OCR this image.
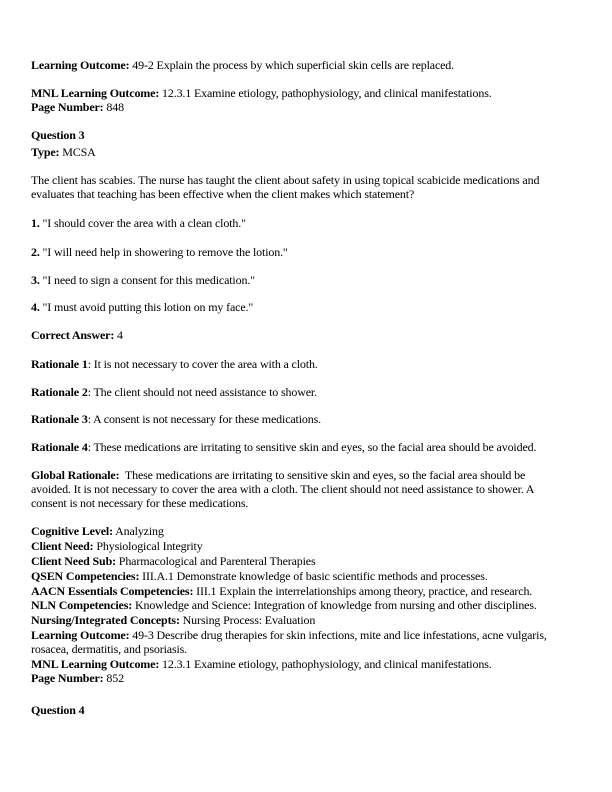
Learning Outcome: 49-2 Explain the process by which superficial skin cells are replaced.
MNL Learning Outcome: 12.3.1 Examine etiology, pathophysiology, and clinical manifestations.
Page Number: 848
Question 3
Type: MCSA
The client has scabies. The nurse has taught the client about safety in using topical scabicide medications and
evaluates that teaching has been effective when the client makes which statement?
1. "I should cover the area with a clean cloth."
2. "I will need help in showering to remove the lotion."
3. "I need to sign a consent for this medication."
4. "I must avoid putting this lotion on my face."
Correct Answer: 4
Rationale 1: It is not necessary to cover the area with a cloth.
Rationale 2: The client should not need assistance to shower.
Rationale 3: A consent is not necessary for these medications.
Rationale 4: These medications are irritating to sensitive skin and eyes, so the facial area should be avoided.
Global Rationale:  These medications are irritating to sensitive skin and eyes, so the facial area should be
avoided. It is not necessary to cover the area with a cloth. The client should not need assistance to shower. A
consent is not necessary for these medications.
Cognitive Level: Analyzing
Client Need: Physiological Integrity
Client Need Sub: Pharmacological and Parenteral Therapies
QSEN Competencies: III.A.1 Demonstrate knowledge of basic scientific methods and processes.
AACN Essentials Competencies: III.1 Explain the interrelationships among theory, practice, and research.
NLN Competencies: Knowledge and Science: Integration of knowledge from nursing and other disciplines.
Nursing/Integrated Concepts: Nursing Process: Evaluation
Learning Outcome: 49-3 Describe drug therapies for skin infections, mite and lice infestations, acne vulgaris,
rosacea, dermatitis, and psoriasis.
MNL Learning Outcome: 12.3.1 Examine etiology, pathophysiology, and clinical manifestations.
Page Number: 852
Question 4
